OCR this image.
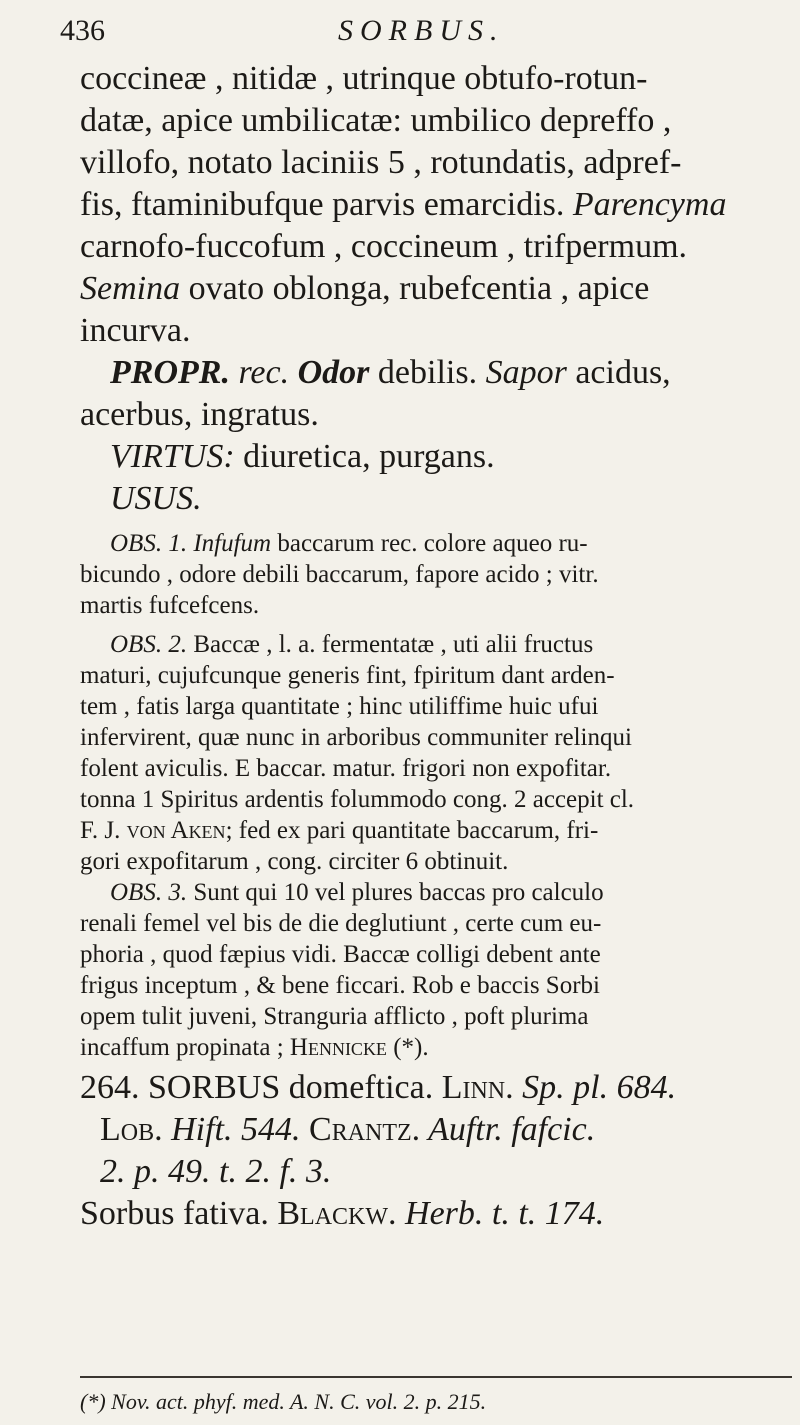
436	SORBUS.
coccineæ , nitidæ , utrinque obtufo-rotun-
datæ, apice umbilicatæ: umbilico depreffo ,
villofo, notato laciniis 5 , rotundatis, adpref-
fis, ftaminibufque parvis emarcidis. Parencyma
carnofo-fuccofum , coccineum , trifpermum.
Semina ovato oblonga, rubefcentia , apice
incurva.
PROPR. rec. Odor debilis. Sapor acidus,
acerbus, ingratus.
VIRTUS: diuretica, purgans.
USUS.
OBS. 1. Infufum baccarum rec. colore aqueo ru-
bicundo , odore debili baccarum, fapore acido ; vitr.
martis fufcefcens.
OBS. 2. Baccæ , l. a. fermentatæ , uti alii fructus
maturi, cujufcunque generis fint, fpiritum dant arden-
tem , fatis larga quantitate ; hinc utiliffime huic ufui
infervirent, quæ nunc in arboribus communiter relinqui
folent aviculis. E baccar. matur. frigori non expofitar.
tonna 1 Spiritus ardentis folummodo cong. 2 accepit cl.
F. J. von Aken; fed ex pari quantitate baccarum, fri-
gori expofitarum , cong. circiter 6 obtinuit.
OBS. 3. Sunt qui 10 vel plures baccas pro calculo
renali femel vel bis de die deglutiunt , certe cum eu-
phoria , quod fæpius vidi. Baccæ colligi debent ante
frigus inceptum , & bene ficcari. Rob e baccis Sorbi
opem tulit juveni, Stranguria afflicto , poft plurima
incaffum propinata ; Hennicke (*).
264. SORBUS domeftica. Linn. Sp. pl. 684.
Lob. Hift. 544. Crantz. Auftr. fafcic.
2. p. 49. t. 2. f. 3.
Sorbus fativa. Blackw. Herb. t. t. 174.
(*) Nov. act. phyf. med. A. N. C. vol. 2. p. 215.
